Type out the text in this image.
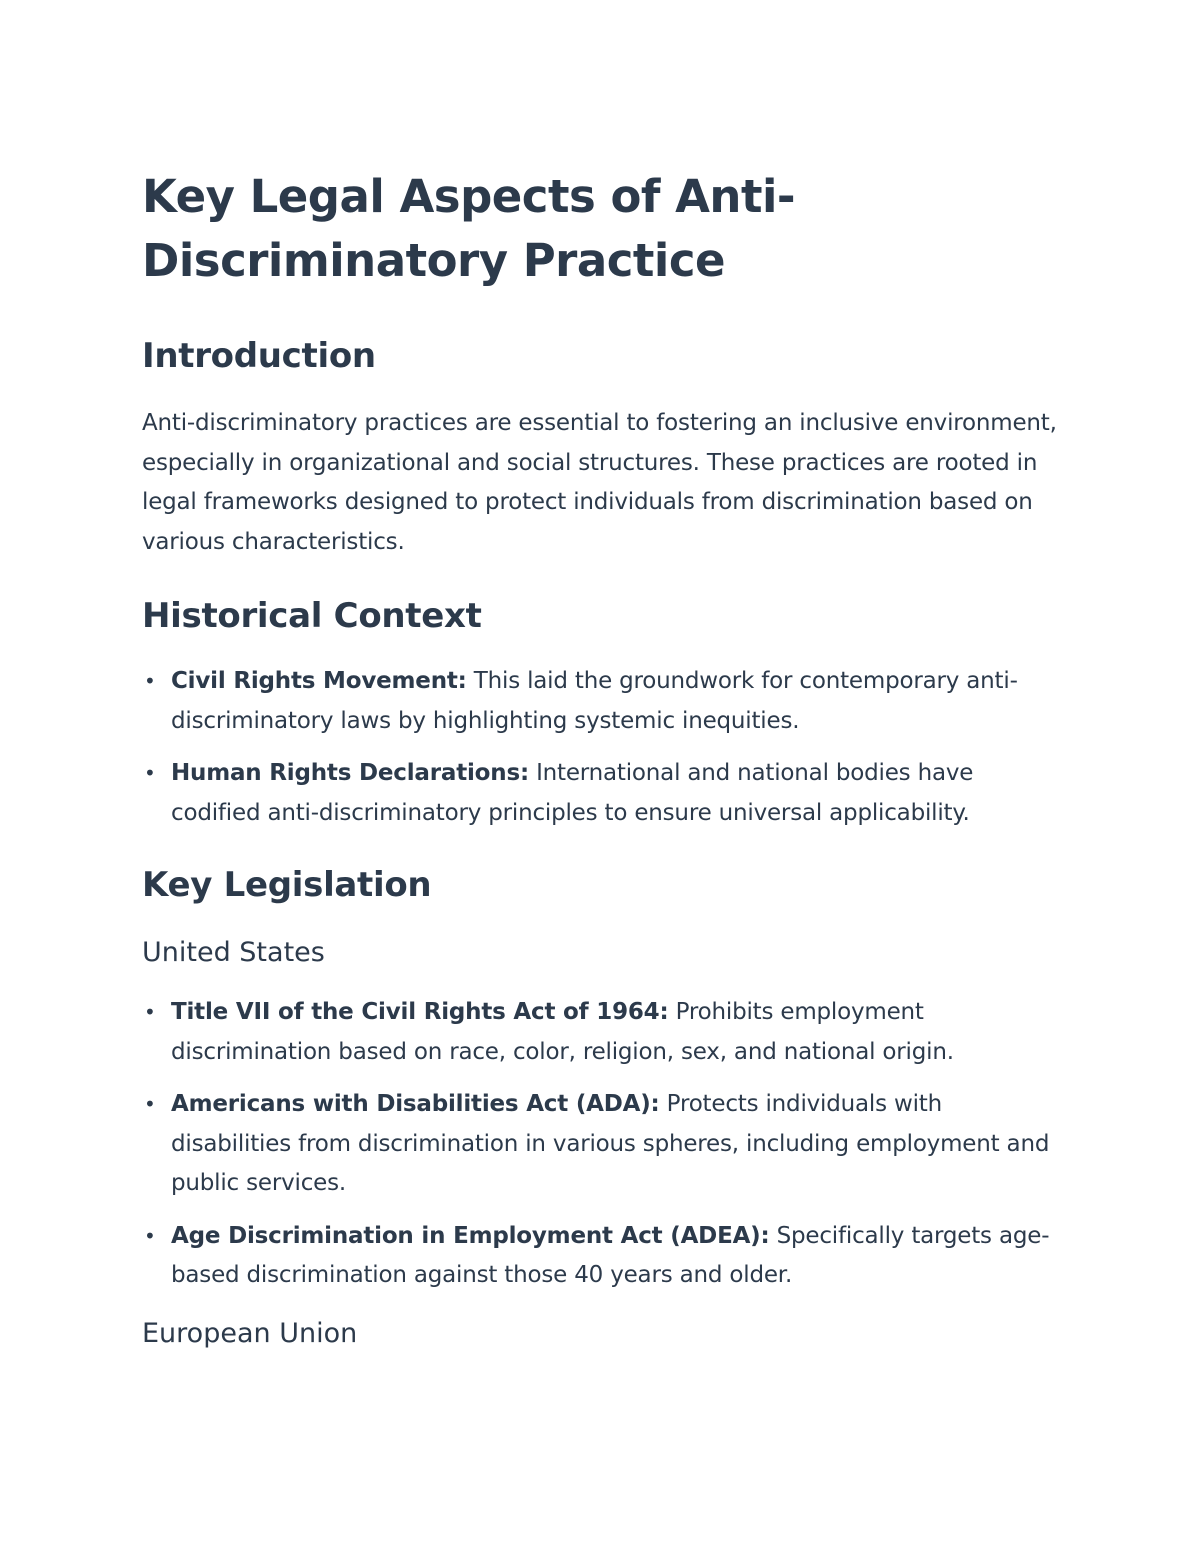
Key Legal Aspects of Anti-Discriminatory Practice
Introduction

Anti-discriminatory practices are essential to fostering an inclusive environment, especially in organizational and social structures. These practices are rooted in legal frameworks designed to protect individuals from discrimination based on various characteristics.

Historical Context
• Civil Rights Movement: This laid the groundwork for contemporary anti-discriminatory laws by highlighting systemic inequities.
• Human Rights Declarations: International and national bodies have codified anti-discriminatory principles to ensure universal applicability.
Key Legislation
United States
• Title VII of the Civil Rights Act of 1964: Prohibits employment discrimination based on race, color, religion, sex, and national origin.
• Americans with Disabilities Act (ADA): Protects individuals with disabilities from discrimination in various spheres, including employment and public services.
• Age Discrimination in Employment Act (ADEA): Specifically targets age-based discrimination against those 40 years and older.
European Union
